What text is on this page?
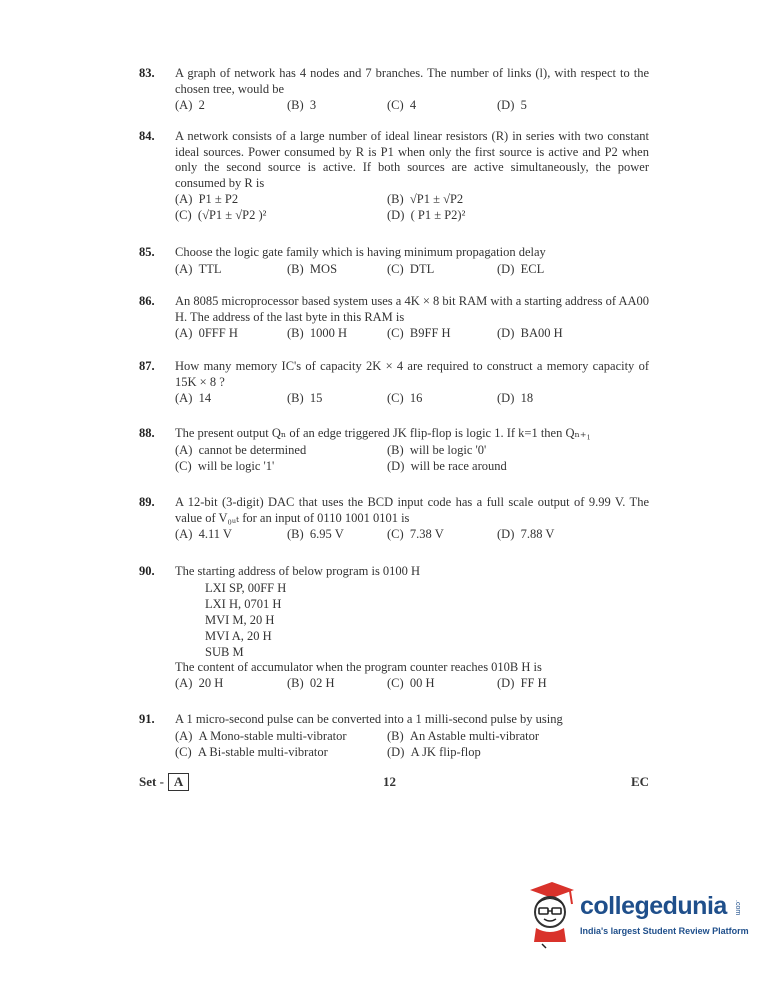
83. A graph of network has 4 nodes and 7 branches. The number of links (l), with respect to the chosen tree, would be
(A) 2	(B) 3	(C) 4	(D) 5
84. A network consists of a large number of ideal linear resistors (R) in series with two constant ideal sources. Power consumed by R is P1 when only the first source is active and P2 when only the second source is active. If both sources are active simultaneously, the power consumed by R is
(A) P1 ± P2	(B) √P1 ± √P2
(C) (√P1 ± √P2 )²	(D) ( P1 ± P2)²
85. Choose the logic gate family which is having minimum propagation delay
(A) TTL	(B) MOS	(C) DTL	(D) ECL
86. An 8085 microprocessor based system uses a 4K × 8 bit RAM with a starting address of AA00 H. The address of the last byte in this RAM is
(A) 0FFF H	(B) 1000 H	(C) B9FF H	(D) BA00 H
87. How many memory IC's of capacity 2K × 4 are required to construct a memory capacity of 15K × 8 ?
(A) 14	(B) 15	(C) 16	(D) 18
88. The present output Qₙ of an edge triggered JK flip-flop is logic 1. If k=1 then Qₙ₊₁
(A) cannot be determined	(B) will be logic '0'
(C) will be logic '1'	(D) will be race around
89. A 12-bit (3-digit) DAC that uses the BCD input code has a full scale output of 9.99 V. The value of V₀ᵤₜ for an input of 0110 1001 0101 is
(A) 4.11 V	(B) 6.95 V	(C) 7.38 V	(D) 7.88 V
90. The starting address of below program is 0100 H
LXI SP, 00FF H
LXI H, 0701 H
MVI M, 20 H
MVI A, 20 H
SUB M
The content of accumulator when the program counter reaches 010B H is
(A) 20 H	(B) 02 H	(C) 00 H	(D) FF H
91. A 1 micro-second pulse can be converted into a 1 milli-second pulse by using
(A) A Mono-stable multi-vibrator	(B) An Astable multi-vibrator
(C) A Bi-stable multi-vibrator	(D) A JK flip-flop
Set - A	12	EC
collegedunia .com
India's largest Student Review Platform
